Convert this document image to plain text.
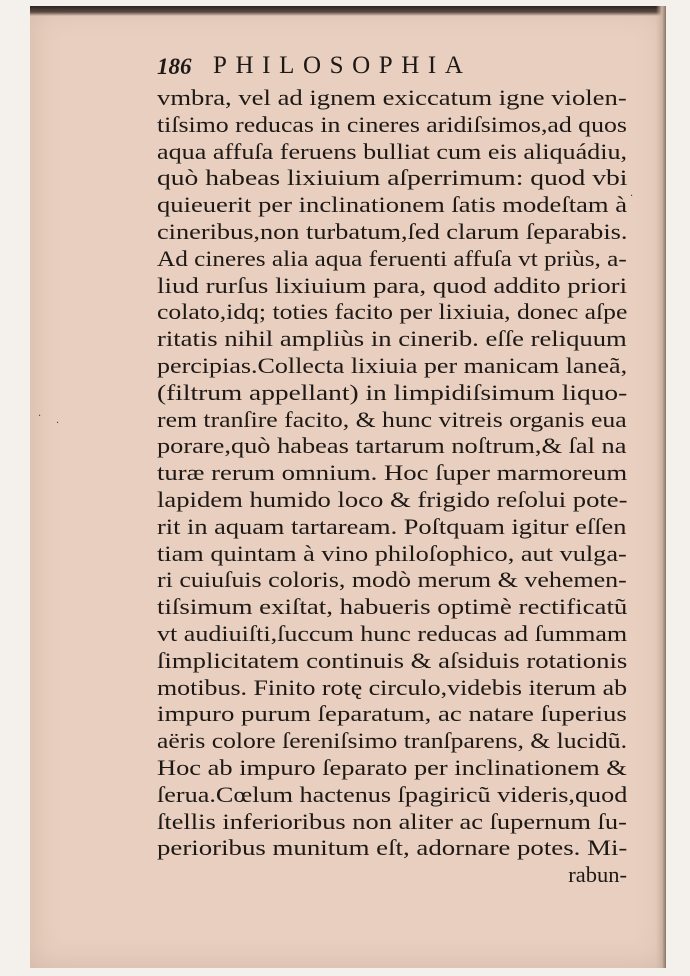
186 PHILOSOPHIA
vmbra, vel ad ignem exiccatum igne violen-
tiſsimo reducas in cineres aridiſsimos,ad quos
aqua affuſa feruens bulliat cum eis aliquádiu,
quò habeas lixiuium aſperrimum: quod vbi
quieuerit per inclinationem ſatis modeſtam à
cineribus,non turbatum,ſed clarum ſeparabis.
Ad cineres alia aqua feruenti affuſa vt priùs, a-
liud rurſus lixiuium para, quod addito priori
colato,idq; toties facito per lixiuia, donec aſpe
ritatis nihil ampliùs in cinerib. eſſe reliquum
percipias.Collecta lixiuia per manicam laneã,
(filtrum appellant) in limpidiſsimum liquo-
rem tranſire facito, & hunc vitreis organis eua
porare,quò habeas tartarum noſtrum,& ſal na
turæ rerum omnium. Hoc ſuper marmoreum
lapidem humido loco & frigido reſolui pote-
rit in aquam tartaream. Poſtquam igitur eſſen
tiam quintam à vino philoſophico, aut vulga-
ri cuiuſuis coloris, modò merum & vehemen-
tiſsimum exiſtat, habueris optimè rectificatũ
vt audiuiſti,ſuccum hunc reducas ad ſummam
ſimplicitatem continuis & aſsiduis rotationis
motibus. Finito rotę circulo,videbis iterum ab
impuro purum ſeparatum, ac natare ſuperius
aëris colore ſereniſsimo tranſparens, & lucidũ.
Hoc ab impuro ſeparato per inclinationem &
ſerua.Cœlum hactenus ſpagiricũ videris,quod
ſtellis inferioribus non aliter ac ſupernum ſu-
perioribus munitum eſt, adornare potes. Mi-
rabun-
·
·
·
